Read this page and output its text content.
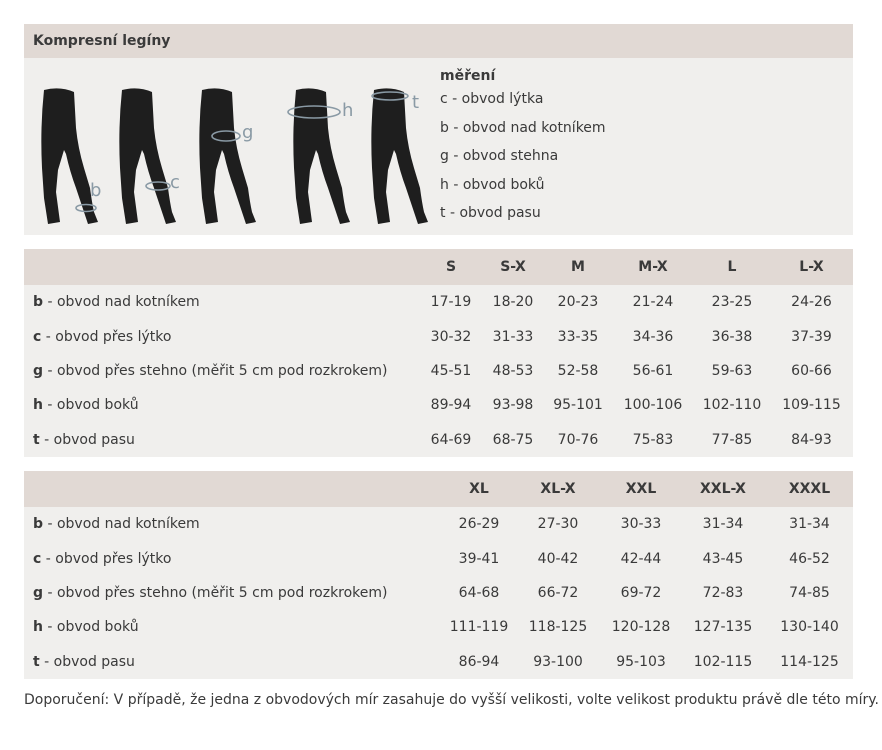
Kompresní legíny
b	c
g
h	t
měření
c - obvod lýtka
b - obvod nad kotníkem
g - obvod stehna
h - obvod boků
t - obvod pasu
	S	S-X	M	M-X	L	L-X
b - obvod nad kotníkem	17-19	18-20	20-23	21-24	23-25	24-26
c - obvod přes lýtko	30-32	31-33	33-35	34-36	36-38	37-39
g - obvod přes stehno (měřit 5 cm pod rozkrokem)	45-51	48-53	52-58	56-61	59-63	60-66
h - obvod boků	89-94	93-98	95-101	100-106	102-110	109-115
t - obvod pasu	64-69	68-75	70-76	75-83	77-85	84-93
	XL	XL-X	XXL	XXL-X	XXXL
b - obvod nad kotníkem	26-29	27-30	30-33	31-34	31-34
c - obvod přes lýtko	39-41	40-42	42-44	43-45	46-52
g - obvod přes stehno (měřit 5 cm pod rozkrokem)	64-68	66-72	69-72	72-83	74-85
h - obvod boků	111-119	118-125	120-128	127-135	130-140
t - obvod pasu	86-94	93-100	95-103	102-115	114-125
Doporučení: V případě, že jedna z obvodových mír zasahuje do vyšší velikosti, volte velikost produktu právě dle této míry.
